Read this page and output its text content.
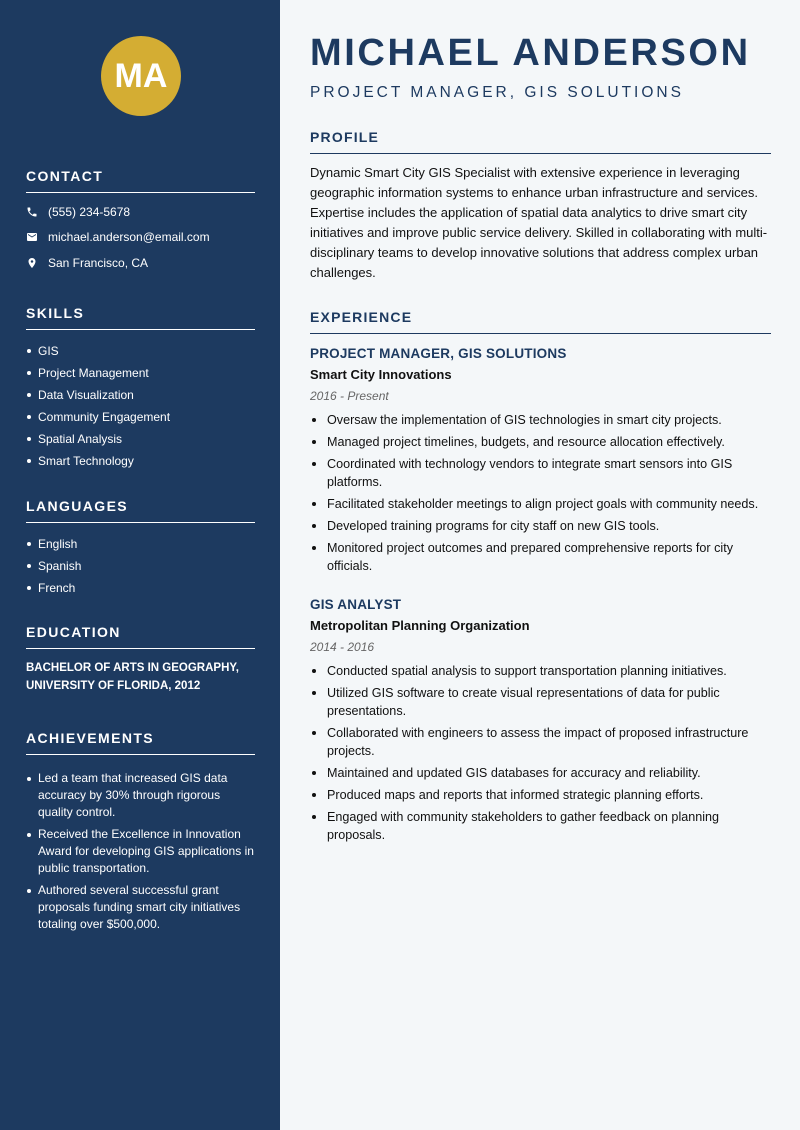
MA
CONTACT
(555) 234-5678
michael.anderson@email.com
San Francisco, CA
SKILLS
GIS
Project Management
Data Visualization
Community Engagement
Spatial Analysis
Smart Technology
LANGUAGES
English
Spanish
French
EDUCATION
BACHELOR OF ARTS IN GEOGRAPHY,
UNIVERSITY OF FLORIDA, 2012
ACHIEVEMENTS
Led a team that increased GIS data accuracy by 30% through rigorous quality control.
Received the Excellence in Innovation Award for developing GIS applications in public transportation.
Authored several successful grant proposals funding smart city initiatives totaling over $500,000.
MICHAEL ANDERSON
PROJECT MANAGER, GIS SOLUTIONS
PROFILE
Dynamic Smart City GIS Specialist with extensive experience in leveraging geographic information systems to enhance urban infrastructure and services. Expertise includes the application of spatial data analytics to drive smart city initiatives and improve public service delivery. Skilled in collaborating with multi-disciplinary teams to develop innovative solutions that address complex urban challenges.
EXPERIENCE
PROJECT MANAGER, GIS SOLUTIONS
Smart City Innovations
2016 - Present
Oversaw the implementation of GIS technologies in smart city projects.
Managed project timelines, budgets, and resource allocation effectively.
Coordinated with technology vendors to integrate smart sensors into GIS platforms.
Facilitated stakeholder meetings to align project goals with community needs.
Developed training programs for city staff on new GIS tools.
Monitored project outcomes and prepared comprehensive reports for city officials.
GIS ANALYST
Metropolitan Planning Organization
2014 - 2016
Conducted spatial analysis to support transportation planning initiatives.
Utilized GIS software to create visual representations of data for public presentations.
Collaborated with engineers to assess the impact of proposed infrastructure projects.
Maintained and updated GIS databases for accuracy and reliability.
Produced maps and reports that informed strategic planning efforts.
Engaged with community stakeholders to gather feedback on planning proposals.
